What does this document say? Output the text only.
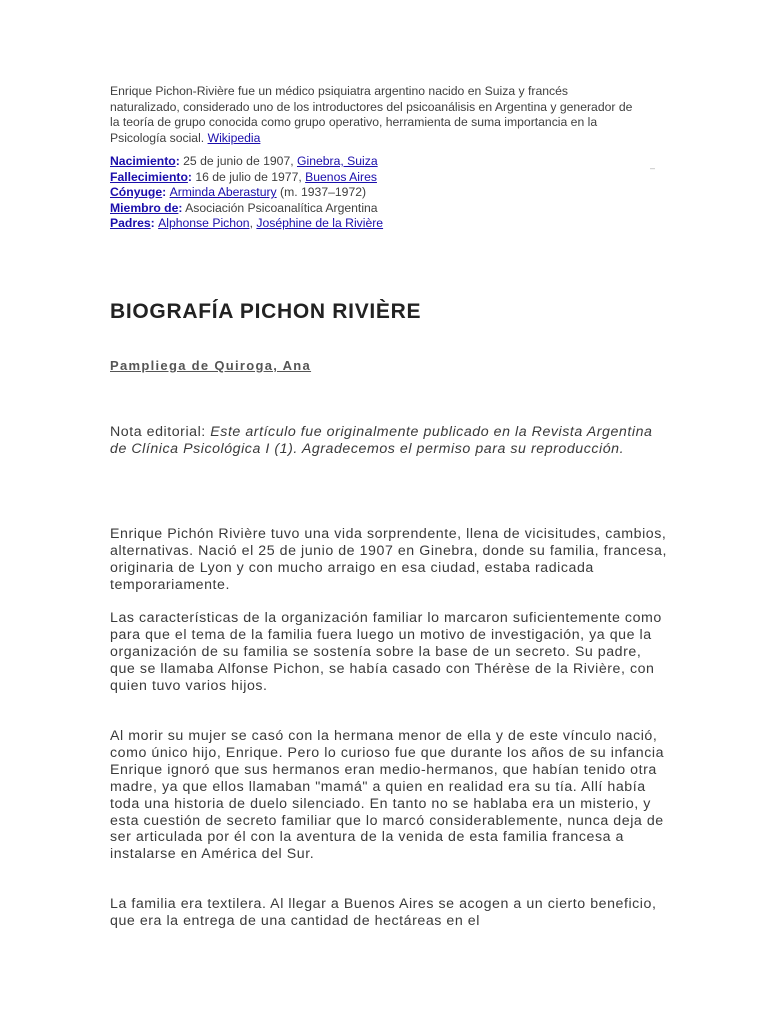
Enrique Pichon-Rivière fue un médico psiquiatra argentino nacido en Suiza y francés naturalizado, considerado uno de los introductores del psicoanálisis en Argentina y generador de la teoría de grupo conocida como grupo operativo, herramienta de suma importancia en la Psicología social. Wikipedia
Nacimiento: 25 de junio de 1907, Ginebra, Suiza
Fallecimiento: 16 de julio de 1977, Buenos Aires
Cónyuge: Arminda Aberastury (m. 1937–1972)
Miembro de: Asociación Psicoanalítica Argentina
Padres: Alphonse Pichon, Joséphine de la Rivière
‒
BIOGRAFÍA PICHON RIVIÈRE

Pampliega de Quiroga, Ana

Nota editorial: Este artículo fue originalmente publicado en la Revista Argentina de Clínica Psicológica I (1). Agradecemos el permiso para su reproducción.

Enrique Pichón Rivière tuvo una vida sorprendente, llena de vicisitudes, cambios, alternativas. Nació el 25 de junio de 1907 en Ginebra, donde su familia, francesa, originaria de Lyon y con mucho arraigo en esa ciudad, estaba radicada temporariamente.

Las características de la organización familiar lo marcaron suficientemente como para que el tema de la familia fuera luego un motivo de investigación, ya que la organización de su familia se sostenía sobre la base de un secreto. Su padre, que se llamaba Alfonse Pichon, se había casado con Thérèse de la Rivière, con quien tuvo varios hijos.

Al morir su mujer se casó con la hermana menor de ella y de este vínculo nació, como único hijo, Enrique. Pero lo curioso fue que durante los años de su infancia Enrique ignoró que sus hermanos eran medio-hermanos, que habían tenido otra madre, ya que ellos llamaban "mamá" a quien en realidad era su tía. Allí había toda una historia de duelo silenciado. En tanto no se hablaba era un misterio, y esta cuestión de secreto familiar que lo marcó considerablemente, nunca deja de ser articulada por él con la aventura de la venida de esta familia francesa a instalarse en América del Sur.

La familia era textilera. Al llegar a Buenos Aires se acogen a un cierto beneficio, que era la entrega de una cantidad de hectáreas en el
